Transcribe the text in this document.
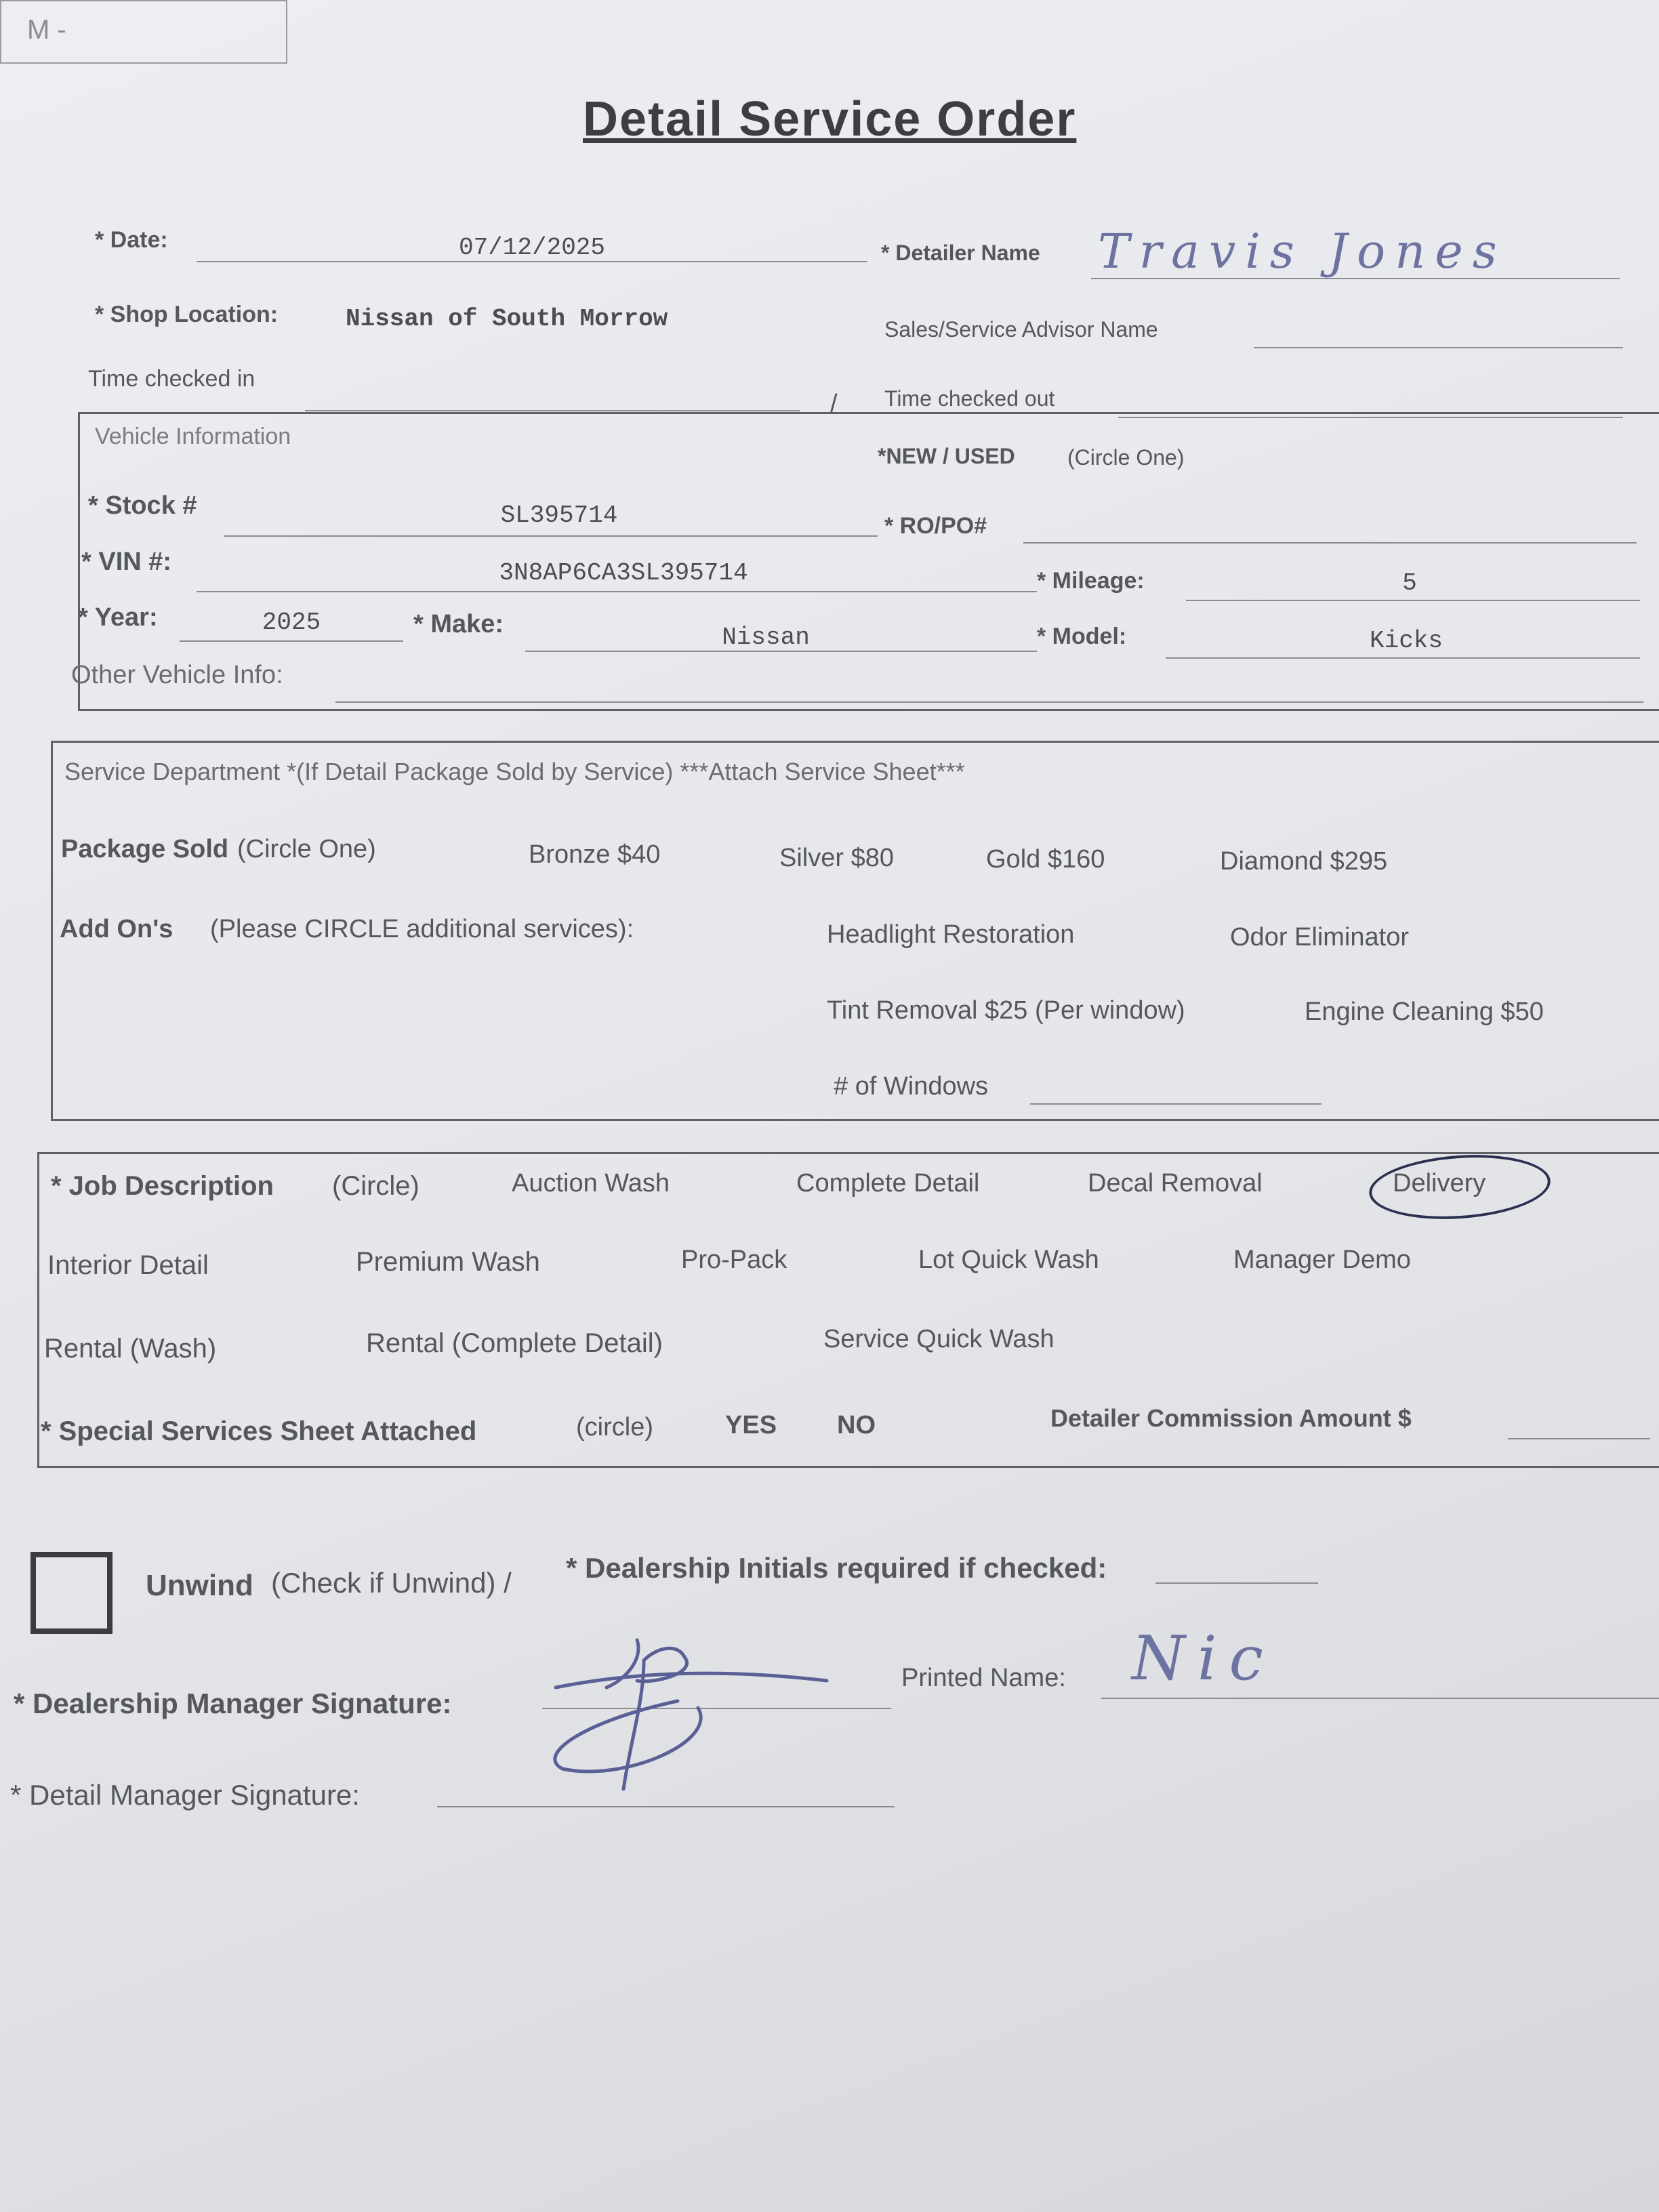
Detail Service Order
M -
* Date:	07/12/2025	* Detailer Name Travis Jones
* Shop Location:	Nissan of South Morrow	Sales/Service Advisor Name
Time checked in
/ Time checked out
Vehicle Information
*NEW / USED (Circle One)
* Stock #	SL395714	* RO/PO#
* VIN #:	3N8AP6CA3SL395714	* Mileage:	5
* Year:	2025	* Make:	Nissan	* Model:	Kicks
Other Vehicle Info:
Service Department *(If Detail Package Sold by Service) ***Attach Service Sheet***
Package Sold (Circle One)	Bronze $40	Silver $80	Gold $160	Diamond $295
Add On's (Please CIRCLE additional services):	Headlight Restoration	Odor Eliminator
Tint Removal $25 (Per window)	Engine Cleaning $50
# of Windows
* Job Description (Circle)	Auction Wash	Complete Detail	Decal Removal	Delivery
Interior Detail	Premium Wash	Pro-Pack	Lot Quick Wash	Manager Demo
Rental (Wash)	Rental (Complete Detail)	Service Quick Wash
* Special Services Sheet Attached	(circle)	YES NO	Detailer Commission Amount $
Unwind (Check if Unwind) / * Dealership Initials required if checked:
* Dealership Manager Signature:
Printed Name: Nic
* Detail Manager Signature:
